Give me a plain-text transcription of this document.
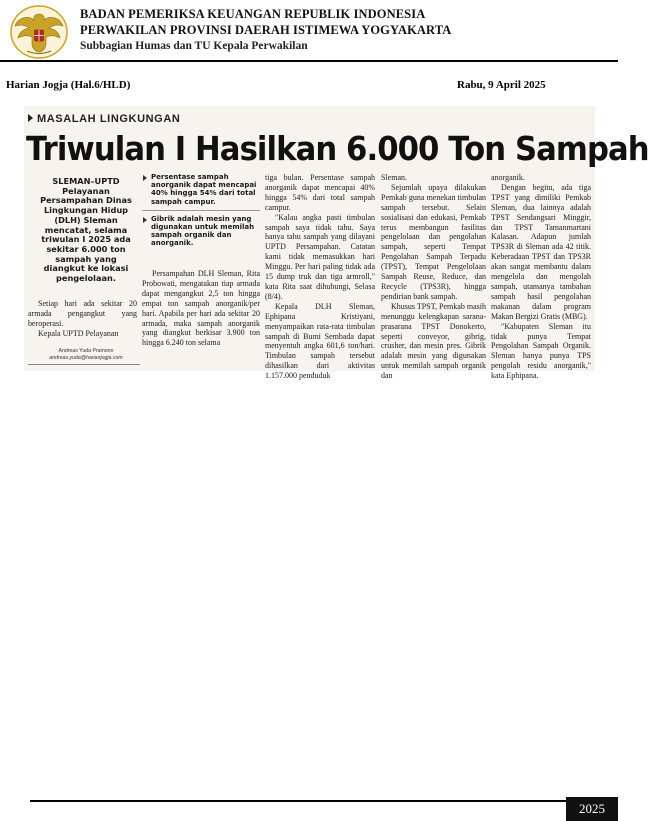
BADAN PEMERIKSA KEUANGAN REPUBLIK INDONESIA
PERWAKILAN PROVINSI DAERAH ISTIMEWA YOGYAKARTA
Subbagian Humas dan TU Kepala Perwakilan
Harian Jogja (Hal.6/HLD)	Rabu, 9 April 2025
MASALAH LINGKUNGAN
Triwulan I Hasilkan 6.000 Ton Sampah
SLEMAN–UPTD Pelayanan Persampahan Dinas Lingkungan Hidup (DLH) Sleman mencatat, selama triwulan I 2025 ada sekitar 6.000 ton sampah yang diangkut ke lokasi pengelolaan.
Andreas Yuda Pramono
andreas.yuda@harianjogja.com
Persentase sampah anorganik dapat mencapai 40% hingga 54% dari total sampah campur.
Gibrik adalah mesin yang digunakan untuk memilah sampah organik dan anorganik.

Setiap hari ada sekitar 20 armada pengangkut yang beroperasi.

Kepala UPTD Pelayanan

Persampahan DLH Sleman, Rita Probowati, mengatakan tiap armada dapat mengangkut 2,5 ton hingga empat ton sampah anorganik/per hari. Apabila per hari ada sekitar 20 armada, maka sampah anorganik yang diangkut berkisar 3.900 ton hingga 6.240 ton selama

tiga bulan. Persentase sampah anorganik dapat mencapai 40% hingga 54% dari total sampah campur.

"Kalau angka pasti timbulan sampah saya tidak tahu. Saya hanya tahu sampah yang dilayani UPTD Persampahan. Catatan kami tidak memasukkan hari Minggu. Per hari paling tidak ada 15 dump truk dan tiga armroll," kata Rita saat dihubungi, Selasa (8/4).

Kepala DLH Sleman, Ephipana Kristiyani, menyampaikan rata-rata timbulan sampah di Bumi Sembada dapat menyentuh angka 601,6 ton/hari. Timbulan sampah tersebut dihasilkan dari aktivitas 1.157.000 penduduk

Sleman.

Sejumlah upaya dilakukan Pemkab guna menekan timbulan sampah tersebut. Selain sosialisasi dan edukasi, Pemkab terus membangun fasilitas pengelolaan dan pengolahan sampah, seperti Tempat Pengolahan Sampah Terpadu (TPST), Tempat Pengelolaan Sampah Reuse, Reduce, dan Recycle (TPS3R), hingga pendirian bank sampah.

Khusus TPST, Pemkab masih menunggu kelengkapan sarana-prasarana TPST Donokerto, seperti conveyor, gibrig, crusher, dan mesin pres. Gibrik adalah mesin yang digunakan untuk memilah sampah organik dan

anorganik.

Dengan begitu, ada tiga TPST yang dimiliki Pemkab Sleman, dua lainnya adalah TPST Sendangsari Minggir, dan TPST Tamanmartani Kalasan. Adapun jumlah TPS3R di Sleman ada 42 titik. Keberadaan TPST dan TPS3R akan sangat membantu dalam mengelola dan mengolah sampah, utamanya tambahan sampah hasil pengolahan makanan dalam program Makan Bergizi Gratis (MBG).

"Kabupaten Sleman itu tidak punya Tempat Pengolahan Sampah Organik. Sleman hanya punya TPS pengolah residu anorganik," kata Ephipana.

2025
